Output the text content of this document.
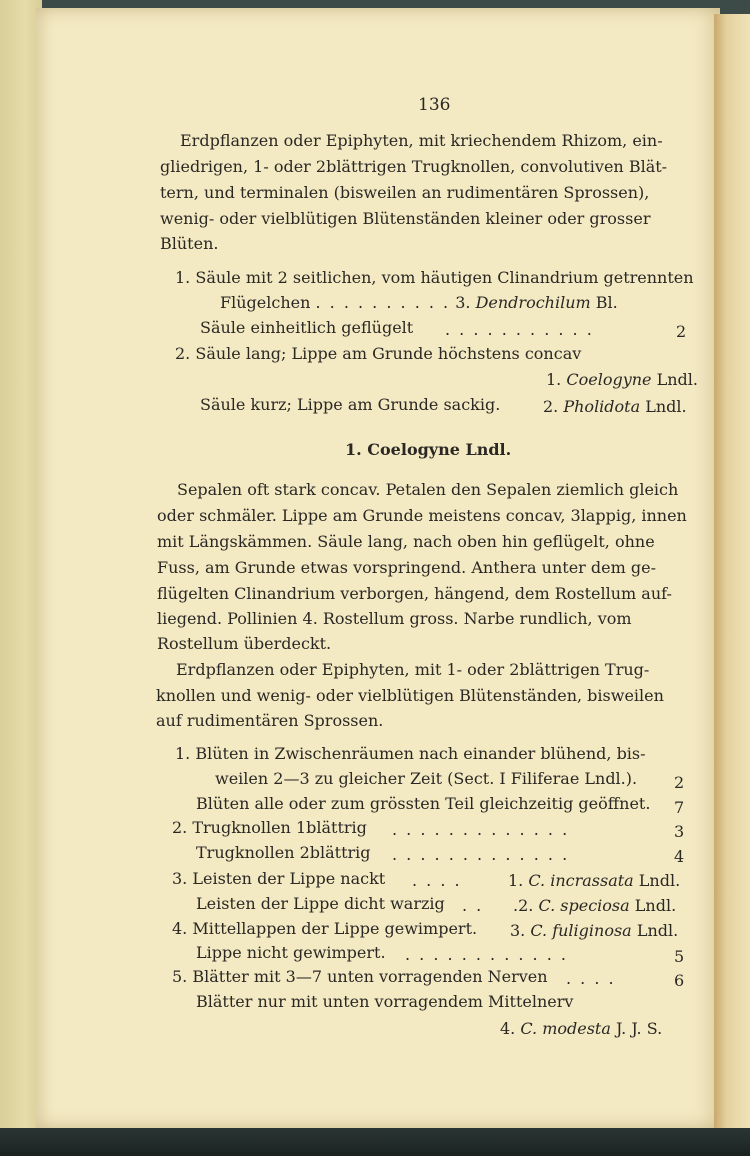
136
Erdpflanzen oder Epiphyten, mit kriechendem Rhizom, ein-
gliedrigen, 1- oder 2blättrigen Trugknollen, convolutiven Blät-
tern, und terminalen (bisweilen an rudimentären Sprossen),
wenig- oder vielblütigen Blütenständen kleiner oder grosser
Blüten.
1. Säule mit 2 seitlichen, vom häutigen Clinandrium getrennten
Flügelchen . . . . . . . . . . 3. Dendrochilum Bl.
Säule einheitlich geflügelt . . . . . . . . . . .	2
2. Säule lang; Lippe am Grunde höchstens concav
1. Coelogyne Lndl.
Säule kurz; Lippe am Grunde sackig.	2. Pholidota Lndl.
1. Coelogyne Lndl.
Sepalen oft stark concav. Petalen den Sepalen ziemlich gleich
oder schmäler. Lippe am Grunde meistens concav, 3lappig, innen
mit Längskämmen. Säule lang, nach oben hin geflügelt, ohne
Fuss, am Grunde etwas vorspringend. Anthera unter dem ge-
flügelten Clinandrium verborgen, hängend, dem Rostellum auf-
liegend. Pollinien 4. Rostellum gross. Narbe rundlich, vom
Rostellum überdeckt.
Erdpflanzen oder Epiphyten, mit 1- oder 2blättrigen Trug-
knollen und wenig- oder vielblütigen Blütenständen, bisweilen
auf rudimentären Sprossen.
1. Blüten in Zwischenräumen nach einander blühend, bis-
weilen 2—3 zu gleicher Zeit (Sect. I Filiferae Lndl.). 2
Blüten alle oder zum grössten Teil gleichzeitig geöffnet. 7
2. Trugknollen 1blättrig . . . . . . . . . . . . .	3
Trugknollen 2blättrig . . . . . . . . . . . . .	4
3. Leisten der Lippe nackt . . . .	1. C. incrassata Lndl.
Leisten der Lippe dicht warzig . . .2. C. speciosa Lndl.
4. Mittellappen der Lippe gewimpert. 3. C. fuliginosa Lndl.
Lippe nicht gewimpert. . . . . . . . . . . . .	5
5. Blätter mit 3—7 unten vorragenden Nerven . . . .	6
Blätter nur mit unten vorragendem Mittelnerv
4. C. modesta J. J. S.
